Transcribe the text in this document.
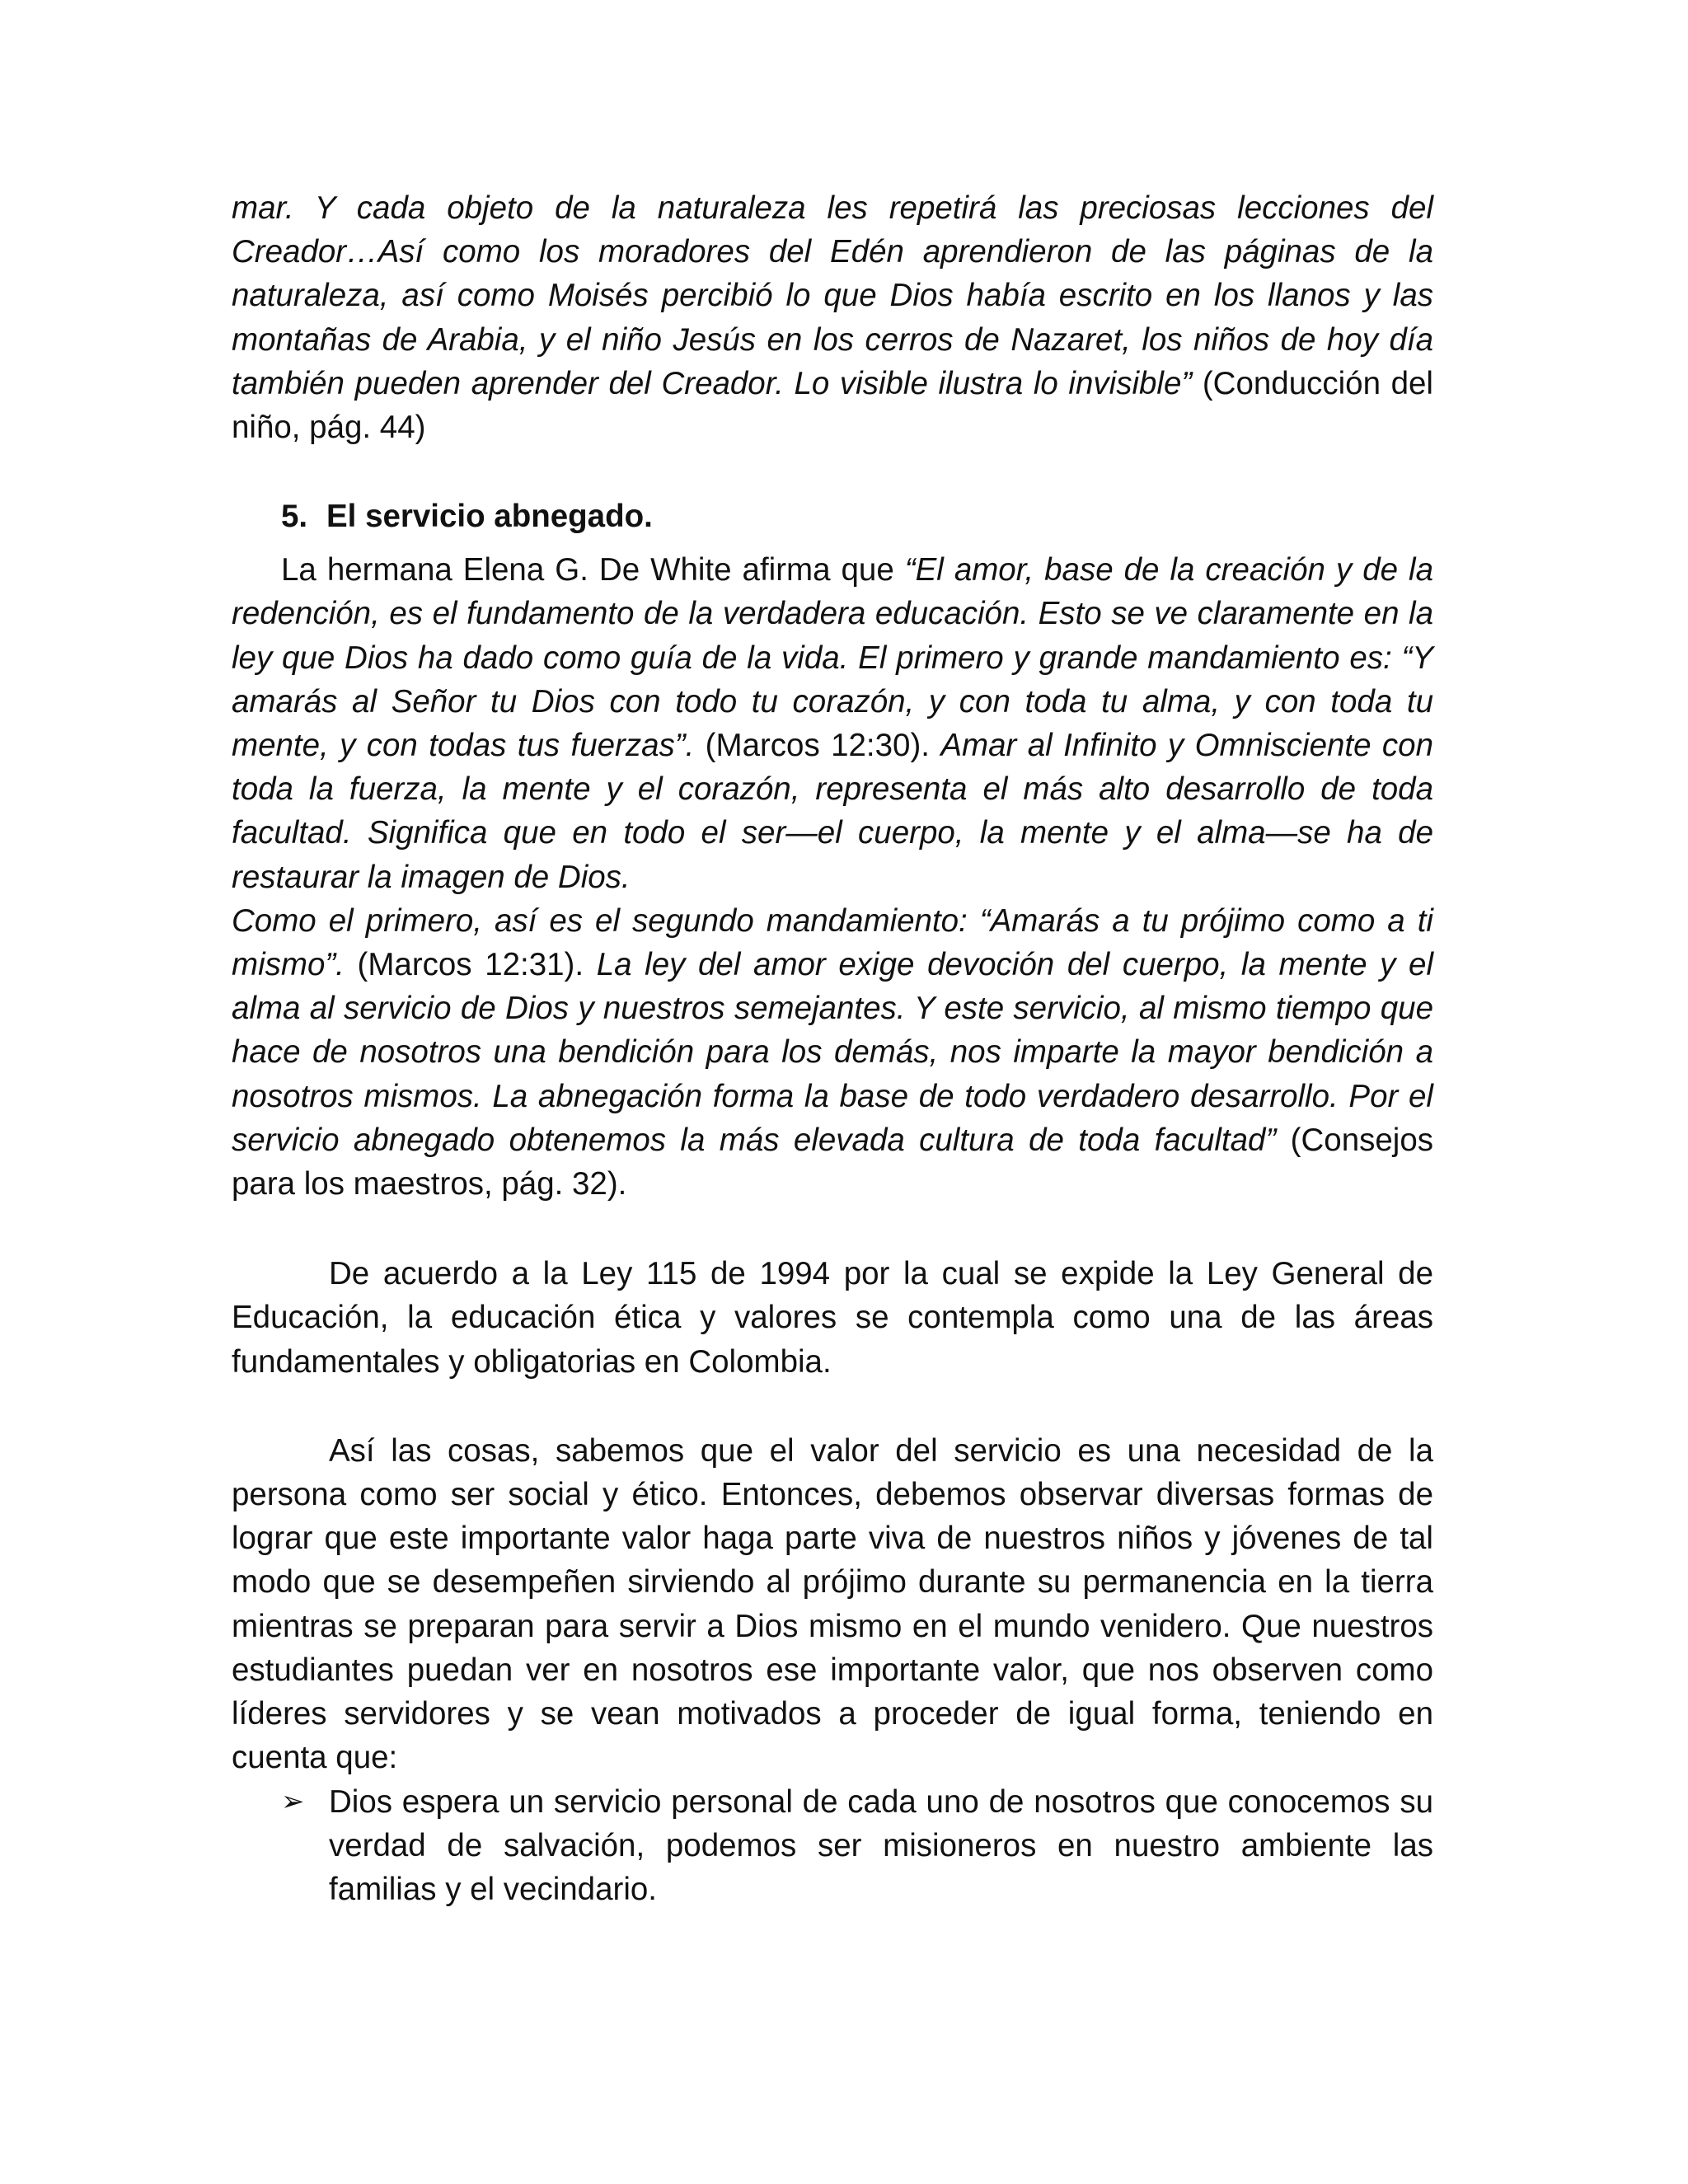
mar. Y cada objeto de la naturaleza les repetirá las preciosas lecciones del Creador…Así como los moradores del Edén aprendieron de las páginas de la naturaleza, así como Moisés percibió lo que Dios había escrito en los llanos y las montañas de Arabia, y el niño Jesús en los cerros de Nazaret, los niños de hoy día también pueden aprender del Creador. Lo visible ilustra lo invisible” (Conducción del niño, pág. 44)

5. El servicio abnegado.

La hermana Elena G. De White afirma que “El amor, base de la creación y de la redención, es el fundamento de la verdadera educación. Esto se ve claramente en la ley que Dios ha dado como guía de la vida. El primero y grande mandamiento es: “Y amarás al Señor tu Dios con todo tu corazón, y con toda tu alma, y con toda tu mente, y con todas tus fuerzas”. (Marcos 12:30). Amar al Infinito y Omnisciente con toda la fuerza, la mente y el corazón, representa el más alto desarrollo de toda facultad. Significa que en todo el ser—el cuerpo, la mente y el alma—se ha de restaurar la imagen de Dios.

Como el primero, así es el segundo mandamiento: “Amarás a tu prójimo como a ti mismo”. (Marcos 12:31). La ley del amor exige devoción del cuerpo, la mente y el alma al servicio de Dios y nuestros semejantes. Y este servicio, al mismo tiempo que hace de nosotros una bendición para los demás, nos imparte la mayor bendición a nosotros mismos. La abnegación forma la base de todo verdadero desarrollo. Por el servicio abnegado obtenemos la más elevada cultura de toda facultad” (Consejos para los maestros, pág. 32).

De acuerdo a la Ley 115 de 1994 por la cual se expide la Ley General de Educación, la educación ética y valores se contempla como una de las áreas fundamentales y obligatorias en Colombia.

Así las cosas, sabemos que el valor del servicio es una necesidad de la persona como ser social y ético. Entonces, debemos observar diversas formas de lograr que este importante valor haga parte viva de nuestros niños y jóvenes de tal modo que se desempeñen sirviendo al prójimo durante su permanencia en la tierra mientras se preparan para servir a Dios mismo en el mundo venidero. Que nuestros estudiantes puedan ver en nosotros ese importante valor, que nos observen como líderes servidores y se vean motivados a proceder de igual forma, teniendo en cuenta que:

➢ Dios espera un servicio personal de cada uno de nosotros que conocemos su verdad de salvación, podemos ser misioneros en nuestro ambiente las familias y el vecindario.
